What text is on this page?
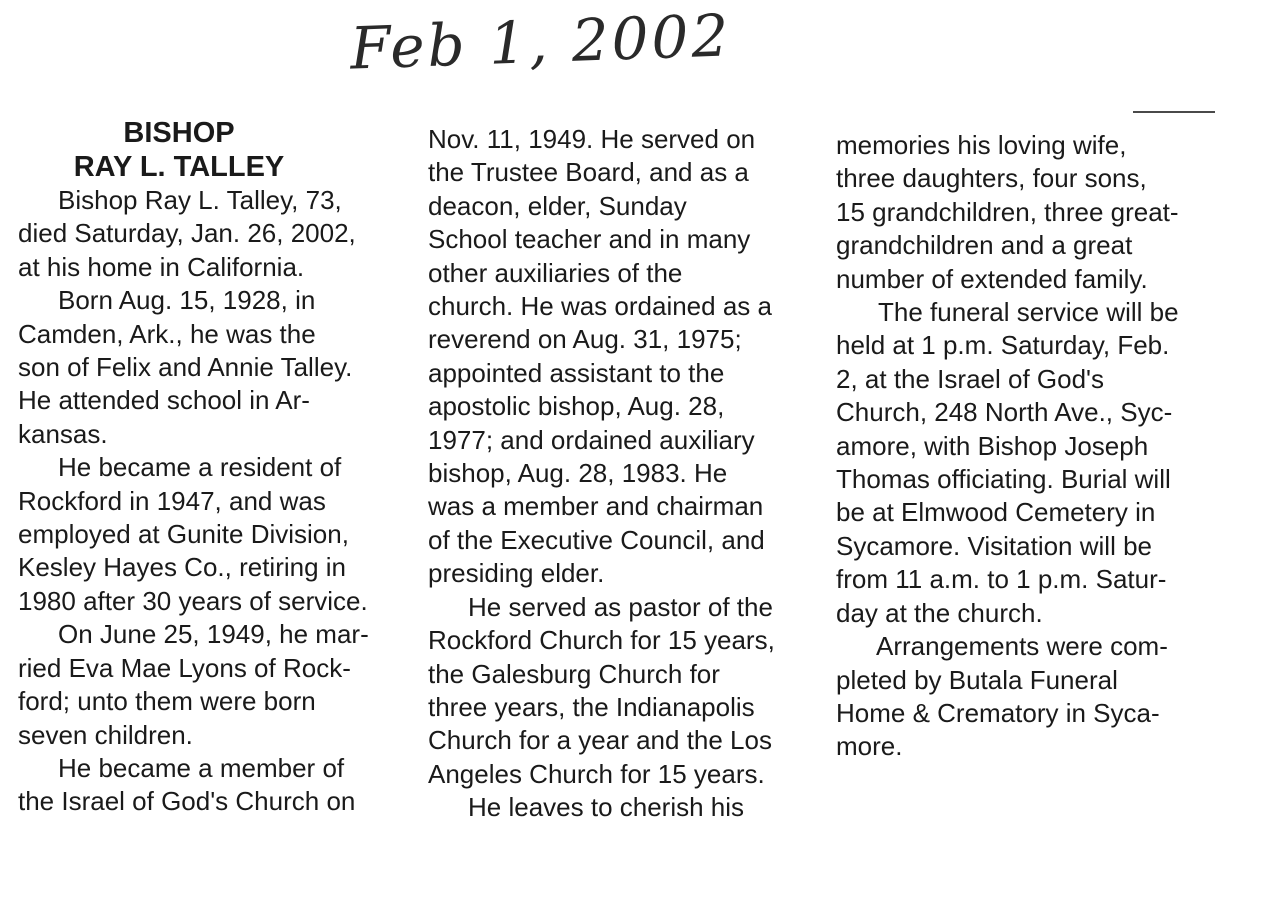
Feb 1, 2002
BISHOP
RAY L. TALLEY
Bishop Ray L. Talley, 73,
died Saturday, Jan. 26, 2002,
at his home in California.
Born Aug. 15, 1928, in
Camden, Ark., he was the
son of Felix and Annie Talley.
He attended school in Ar-
kansas.
He became a resident of
Rockford in 1947, and was
employed at Gunite Division,
Kesley Hayes Co., retiring in
1980 after 30 years of service.
On June 25, 1949, he mar-
ried Eva Mae Lyons of Rock-
ford; unto them were born
seven children.
He became a member of
the Israel of God's Church on
Nov. 11, 1949. He served on
the Trustee Board, and as a
deacon, elder, Sunday
School teacher and in many
other auxiliaries of the
church. He was ordained as a
reverend on Aug. 31, 1975;
appointed assistant to the
apostolic bishop, Aug. 28,
1977; and ordained auxiliary
bishop, Aug. 28, 1983. He
was a member and chairman
of the Executive Council, and
presiding elder.
He served as pastor of the
Rockford Church for 15 years,
the Galesburg Church for
three years, the Indianapolis
Church for a year and the Los
Angeles Church for 15 years.
He leaves to cherish his
memories his loving wife,
three daughters, four sons,
15 grandchildren, three great-
grandchildren and a great
number of extended family.
The funeral service will be
held at 1 p.m. Saturday, Feb.
2, at the Israel of God's
Church, 248 North Ave., Syc-
amore, with Bishop Joseph
Thomas officiating. Burial will
be at Elmwood Cemetery in
Sycamore. Visitation will be
from 11 a.m. to 1 p.m. Satur-
day at the church.
Arrangements were com-
pleted by Butala Funeral
Home & Crematory in Syca-
more.
